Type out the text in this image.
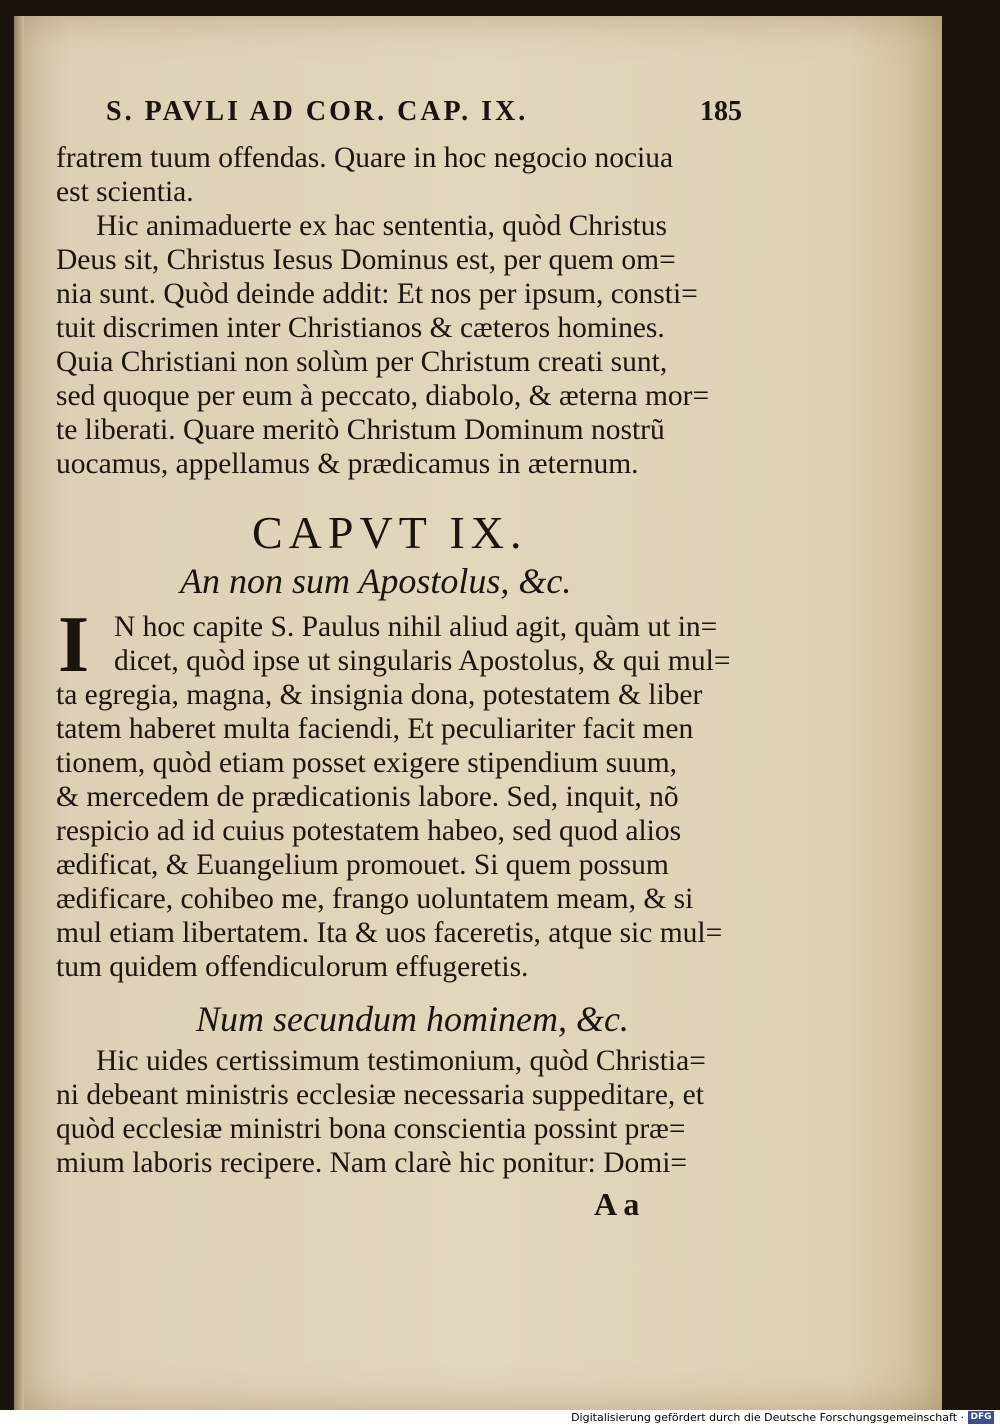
S. PAVLI AD COR. CAP. IX.	185
fratrem tuum offendas. Quare in hoc negocio nociua
est scientia.
Hic animaduerte ex hac sententia, quòd Christus
Deus sit, Christus Iesus Dominus est, per quem om=
nia sunt. Quòd deinde addit: Et nos per ipsum, consti=
tuit discrimen inter Christianos & cæteros homines.
Quia Christiani non solùm per Christum creati sunt,
sed quoque per eum à peccato, diabolo, & æterna mor=
te liberati. Quare meritò Christum Dominum nostrũ
uocamus, appellamus & prædicamus in æternum.
CAPVT IX.
An non sum Apostolus, &c.
I N hoc capite S. Paulus nihil aliud agit, quàm ut in=
dicet, quòd ipse ut singularis Apostolus, & qui mul=
ta egregia, magna, & insignia dona, potestatem & liber
tatem haberet multa faciendi, Et peculiariter facit men
tionem, quòd etiam posset exigere stipendium suum,
& mercedem de prædicationis labore. Sed, inquit, nõ
respicio ad id cuius potestatem habeo, sed quod alios
ædificat, & Euangelium promouet. Si quem possum
ædificare, cohibeo me, frango uoluntatem meam, & si
mul etiam libertatem. Ita & uos faceretis, atque sic mul=
tum quidem offendiculorum effugeretis.
Num secundum hominem, &c.
Hic uides certissimum testimonium, quòd Christia=
ni debeant ministris ecclesiæ necessaria suppeditare, et
quòd ecclesiæ ministri bona conscientia possint præ=
mium laboris recipere. Nam clarè hic ponitur: Domi=
A a
Digitalisierung gefördert durch die Deutsche Forschungsgemeinschaft · DFG
